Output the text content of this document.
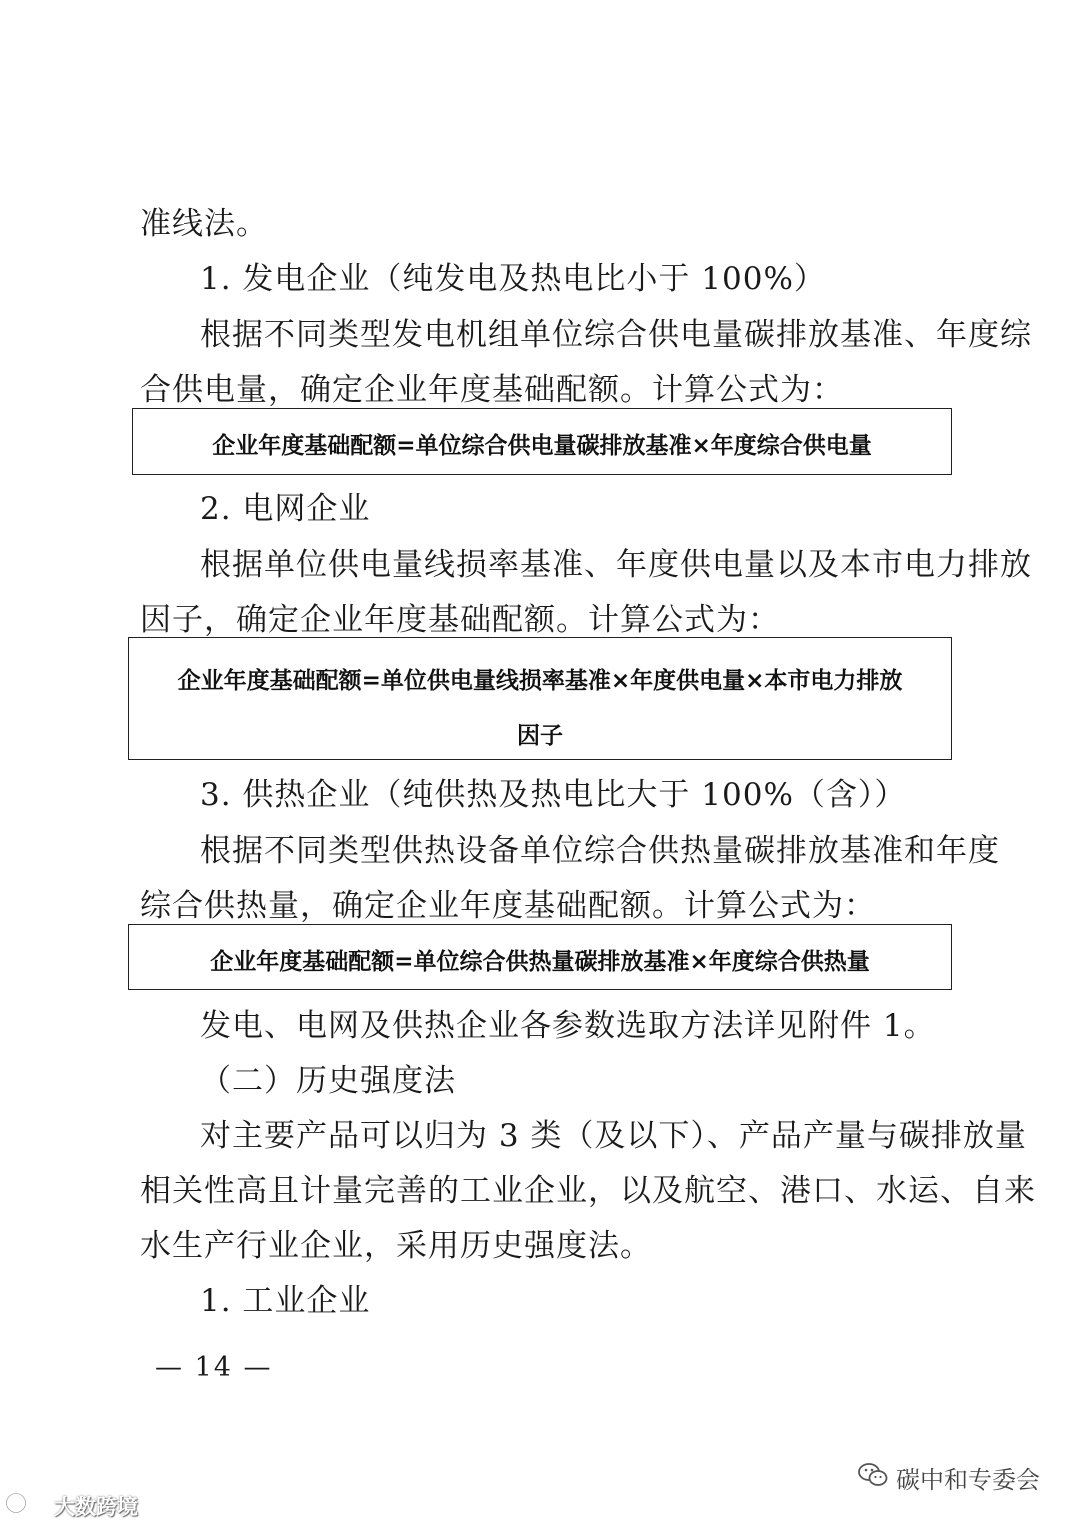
准线法。
1. 发电企业（纯发电及热电比小于 100%）
根据不同类型发电机组单位综合供电量碳排放基准、年度综
合供电量，确定企业年度基础配额。计算公式为：
企业年度基础配额=单位综合供电量碳排放基准×年度综合供电量
2. 电网企业
根据单位供电量线损率基准、年度供电量以及本市电力排放
因子，确定企业年度基础配额。计算公式为：
企业年度基础配额=单位供电量线损率基准×年度供电量×本市电力排放
因子
3. 供热企业（纯供热及热电比大于 100%（含））
根据不同类型供热设备单位综合供热量碳排放基准和年度
综合供热量，确定企业年度基础配额。计算公式为：
企业年度基础配额=单位综合供热量碳排放基准×年度综合供热量
发电、电网及供热企业各参数选取方法详见附件 1。
（二）历史强度法
对主要产品可以归为 3 类（及以下）、产品产量与碳排放量
相关性高且计量完善的工业企业，以及航空、港口、水运、自来
水生产行业企业，采用历史强度法。
1. 工业企业
— 14 —
碳中和专委会
大数跨境
